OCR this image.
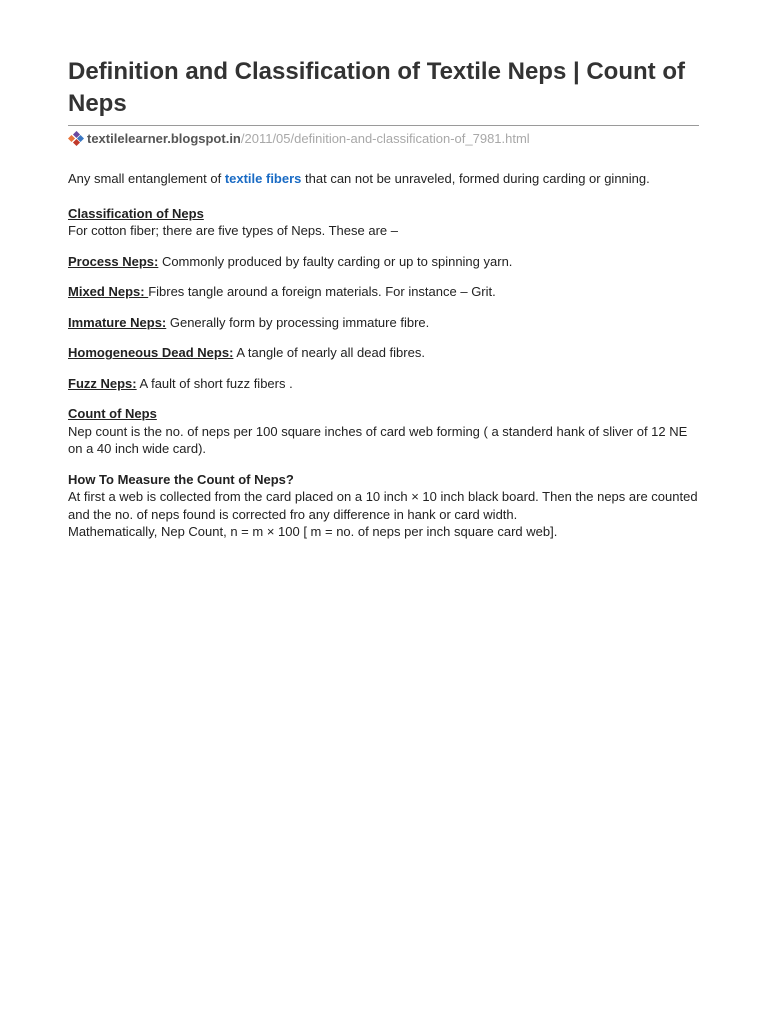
Definition and Classification of Textile Neps | Count of Neps
textilelearner.blogspot.in /2011/05/definition-and-classification-of_7981.html

Any small entanglement of textile fibers that can not be unraveled, formed during carding or ginning.

Classification of Neps
For cotton fiber; there are five types of Neps. These are –

Process Neps: Commonly produced by faulty carding or up to spinning yarn.

Mixed Neps: Fibres tangle around a foreign materials. For instance – Grit.

Immature Neps: Generally form by processing immature fibre.

Homogeneous Dead Neps: A tangle of nearly all dead fibres.

Fuzz Neps: A fault of short fuzz fibers .

Count of Neps
Nep count is the no. of neps per 100 square inches of card web forming ( a standerd hank of sliver of 12 NE on a 40 inch wide card).

How To Measure the Count of Neps?
At first a web is collected from the card placed on a 10 inch × 10 inch black board. Then the neps are counted and the no. of neps found is corrected fro any difference in hank or card width.
Mathematically, Nep Count, n = m × 100 [ m = no. of neps per inch square card web].
